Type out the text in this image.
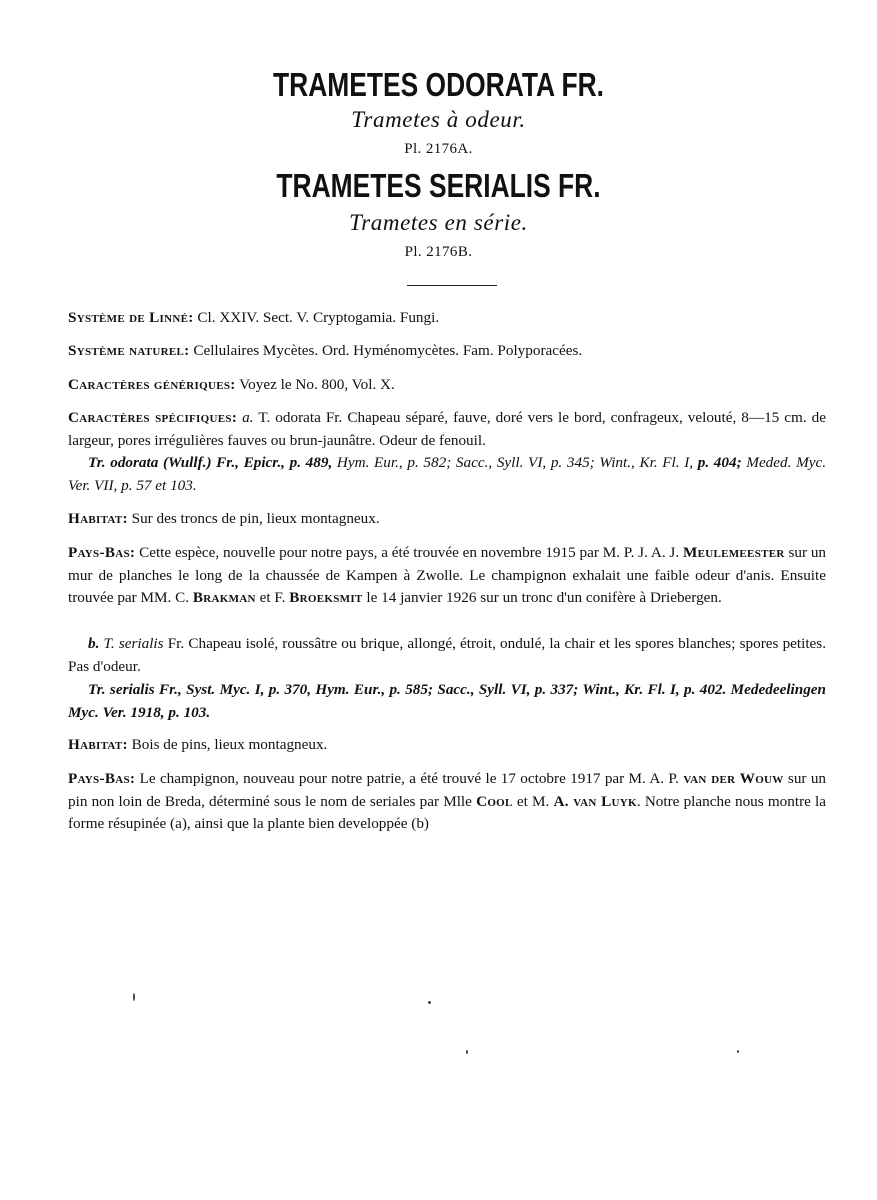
TRAMETES ODORATA FR.
Trametes à odeur.
Pl. 2176A.
TRAMETES SERIALIS FR.
Trametes en série.
Pl. 2176B.
Système de Linné: Cl. XXIV. Sect. V. Cryptogamia. Fungi.
Système naturel: Cellulaires Mycètes. Ord. Hyménomycètes. Fam. Polyporacées.
Caractères génériques: Voyez le No. 800, Vol. X.
Caractères spécifiques: a. T. odorata Fr. Chapeau séparé, fauve, doré vers le bord, confrageux, velouté, 8—15 cm. de largeur, pores irrégulières fauves ou brun-jaunâtre. Odeur de fenouil.
Tr. odorata (Wullf.) Fr., Epicr., p. 489, Hym. Eur., p. 582; Sacc., Syll. VI, p. 345; Wint., Kr. Fl. I, p. 404; Meded. Myc. Ver. VII, p. 57 et 103.
Habitat: Sur des troncs de pin, lieux montagneux.
Pays-Bas: Cette espèce, nouvelle pour notre pays, a été trouvée en novembre 1915 par M. P. J. A. J. Meulemeester sur un mur de planches le long de la chaussée de Kampen à Zwolle. Le champignon exhalait une faible odeur d'anis. Ensuite trouvée par MM. C. Brakman et F. Broeksmit le 14 janvier 1926 sur un tronc d'un conifère à Driebergen.
b. T. serialis Fr. Chapeau isolé, roussâtre ou brique, allongé, étroit, ondulé, la chair et les spores blanches; spores petites. Pas d'odeur.
Tr. serialis Fr., Syst. Myc. I, p. 370, Hym. Eur., p. 585; Sacc., Syll. VI, p. 337; Wint., Kr. Fl. I, p. 402. Mededeelingen Myc. Ver. 1918, p. 103.
Habitat: Bois de pins, lieux montagneux.
Pays-Bas: Le champignon, nouveau pour notre patrie, a été trouvé le 17 octobre 1917 par M. A. P. van der Wouw sur un pin non loin de Breda, déterminé sous le nom de seriales par Mlle Cool et M. A. van Luyk. Notre planche nous montre la forme résupinée (a), ainsi que la plante bien developpée (b)
